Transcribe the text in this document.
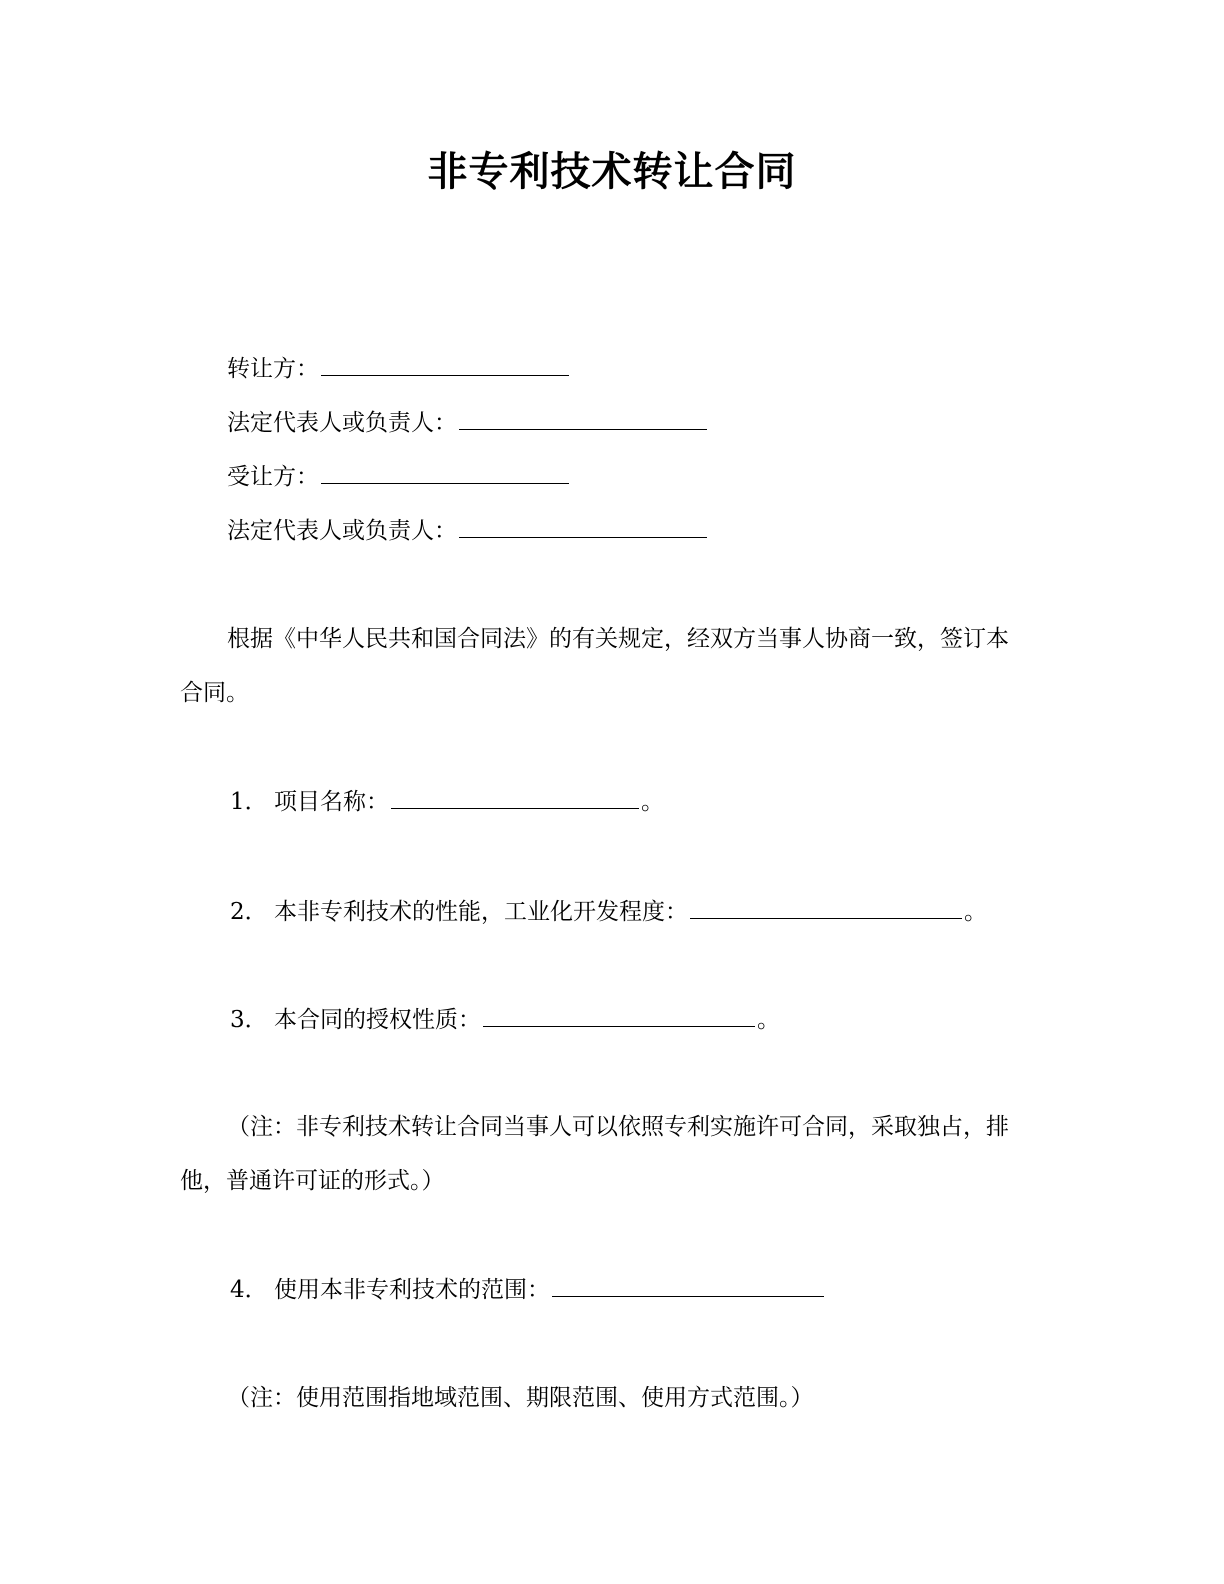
非专利技术转让合同
转让方：
法定代表人或负责人：
受让方：
法定代表人或负责人：
根据《中华人民共和国合同法》的有关规定，经双方当事人协商一致，签订本
合同。
1． 项目名称：	。
2． 本非专利技术的性能，工业化开发程度：	。
3． 本合同的授权性质：	。
（注：非专利技术转让合同当事人可以依照专利实施许可合同，采取独占，排
他，普通许可证的形式。）
4． 使用本非专利技术的范围：
（注：使用范围指地域范围、期限范围、使用方式范围。）
